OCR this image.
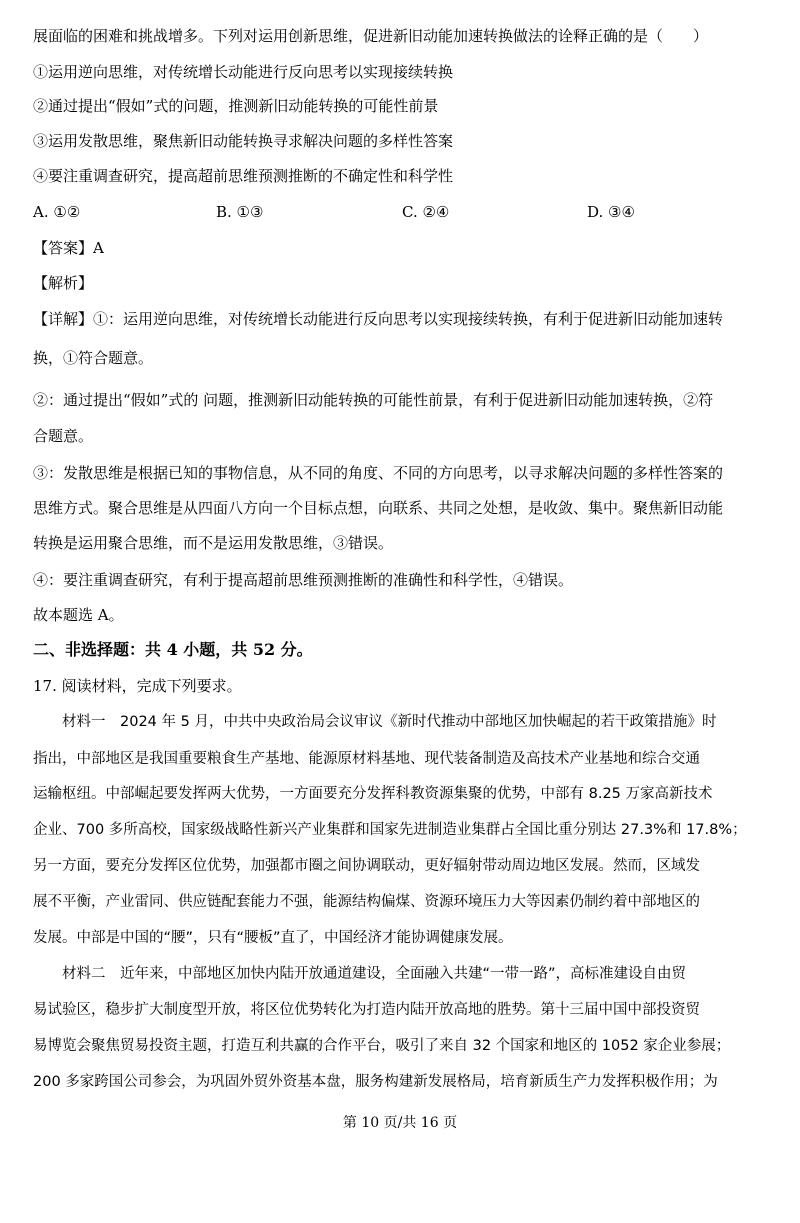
展面临的困难和挑战增多。下列对运用创新思维，促进新旧动能加速转换做法的诠释正确的是（　　）
①运用逆向思维，对传统增长动能进行反向思考以实现接续转换
②通过提出“假如”式的问题，推测新旧动能转换的可能性前景
③运用发散思维，聚焦新旧动能转换寻求解决问题的多样性答案
④要注重调查研究，提高超前思维预测推断的不确定性和科学性
A. ①②	B. ①③	C. ②④	D. ③④
【答案】A
【解析】
【详解】①：运用逆向思维，对传统增长动能进行反向思考以实现接续转换，有利于促进新旧动能加速转
换，①符合题意。
②：通过提出“假如”式的 问题，推测新旧动能转换的可能性前景，有利于促进新旧动能加速转换，②符
合题意。
③：发散思维是根据已知的事物信息，从不同的角度、不同的方向思考，以寻求解决问题的多样性答案的
思维方式。聚合思维是从四面八方向一个目标点想，向联系、共同之处想，是收敛、集中。聚焦新旧动能
转换是运用聚合思维，而不是运用发散思维，③错误。
④：要注重调查研究，有利于提高超前思维预测推断的准确性和科学性，④错误。
故本题选 A。
二、非选择题：共 4 小题，共 52 分。
17. 阅读材料，完成下列要求。
材料一　2024 年 5 月，中共中央政治局会议审议《新时代推动中部地区加快崛起的若干政策措施》时
指出，中部地区是我国重要粮食生产基地、能源原材料基地、现代装备制造及高技术产业基地和综合交通
运输枢纽。中部崛起要发挥两大优势，一方面要充分发挥科教资源集聚的优势，中部有 8.25 万家高新技术
企业、700 多所高校，国家级战略性新兴产业集群和国家先进制造业集群占全国比重分别达 27.3%和 17.8%；
另一方面，要充分发挥区位优势，加强都市圈之间协调联动，更好辐射带动周边地区发展。然而，区域发
展不平衡，产业雷同、供应链配套能力不强，能源结构偏煤、资源环境压力大等因素仍制约着中部地区的
发展。中部是中国的“腰”，只有“腰板”直了，中国经济才能协调健康发展。
材料二　近年来，中部地区加快内陆开放通道建设，全面融入共建“一带一路”，高标准建设自由贸
易试验区，稳步扩大制度型开放，将区位优势转化为打造内陆开放高地的胜势。第十三届中国中部投资贸
易博览会聚焦贸易投资主题，打造互利共赢的合作平台，吸引了来自 32 个国家和地区的 1052 家企业参展；
200 多家跨国公司参会，为巩固外贸外资基本盘，服务构建新发展格局，培育新质生产力发挥积极作用；为
第 10 页/共 16 页
